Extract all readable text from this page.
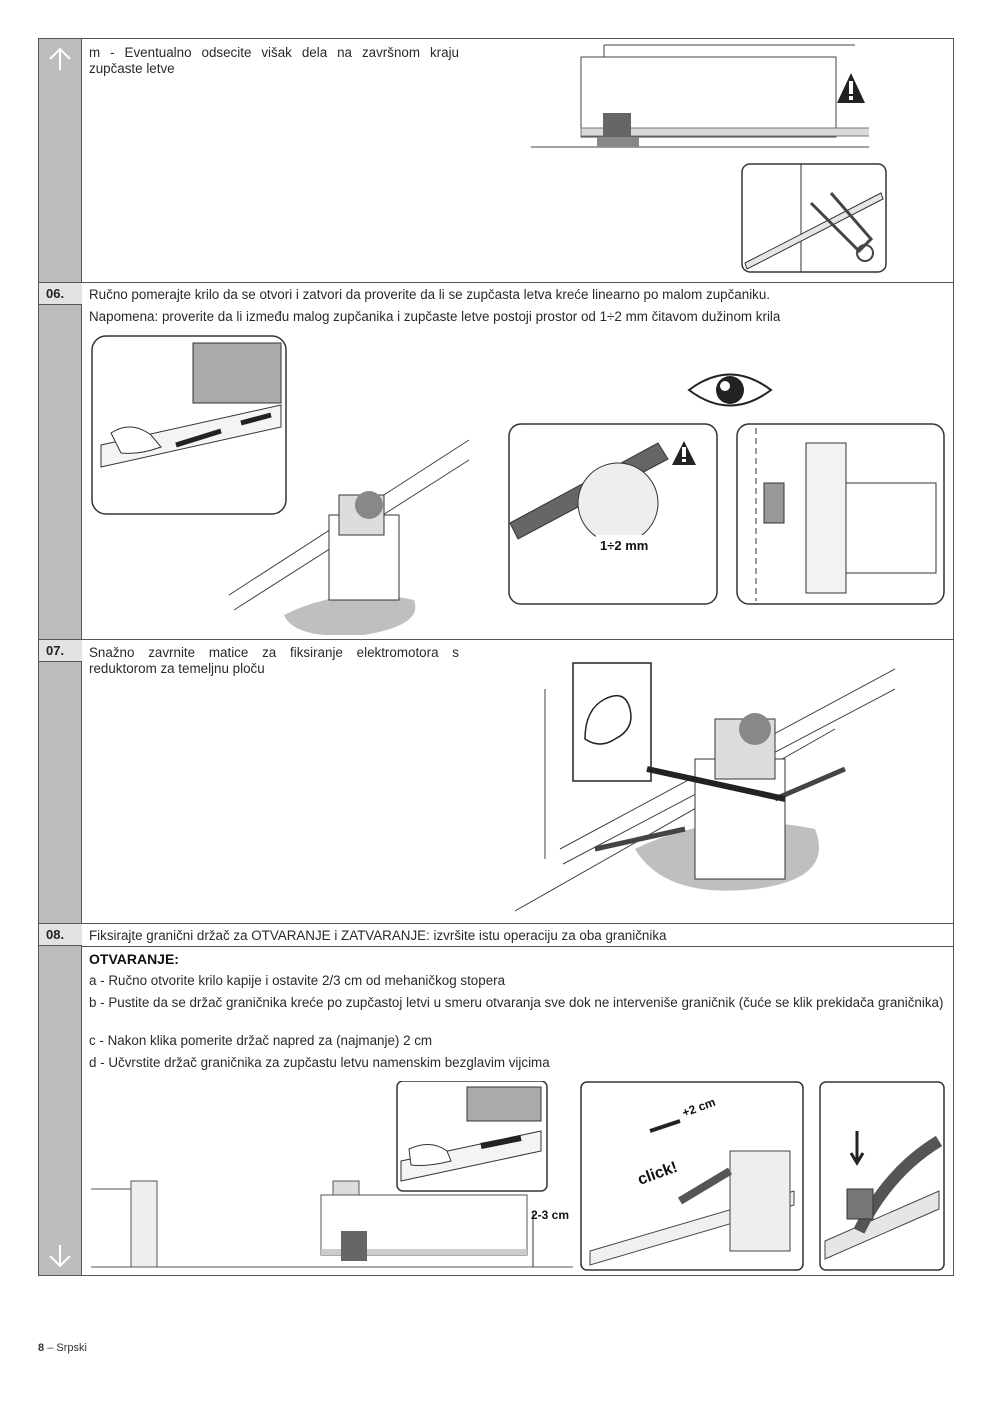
m - Eventualno odsecite višak dela na završnom kraju zupčaste letve
06.	Ručno pomerajte krilo da se otvori i zatvori da proverite da li se zupčasta letva kreće linearno po malom zupčaniku.
Napomena: proverite da li između malog zupčanika i zupčaste letve postoji prostor od 1÷2 mm čitavom dužinom krila
1÷2 mm
07.	Snažno zavrnite matice za fiksiranje elektromotora s reduktorom za temeljnu ploču
08.	Fiksirajte granični držač za OTVARANJE i ZATVARANJE: izvršite istu operaciju za oba graničnika
OTVARANJE:
a - Ručno otvorite krilo kapije i ostavite 2/3 cm od mehaničkog stopera
b - Pustite da se držač graničnika kreće po zupčastoj letvi u smeru otvaranja sve dok ne interveniše graničnik (čuće se klik prekidača graničnika)
c - Nakon klika pomerite držač napred za (najmanje) 2 cm
d - Učvrstite držač graničnika za zupčastu letvu namenskim bezglavim vijcima
2-3 cm
click!
+2 cm
8 – Srpski
